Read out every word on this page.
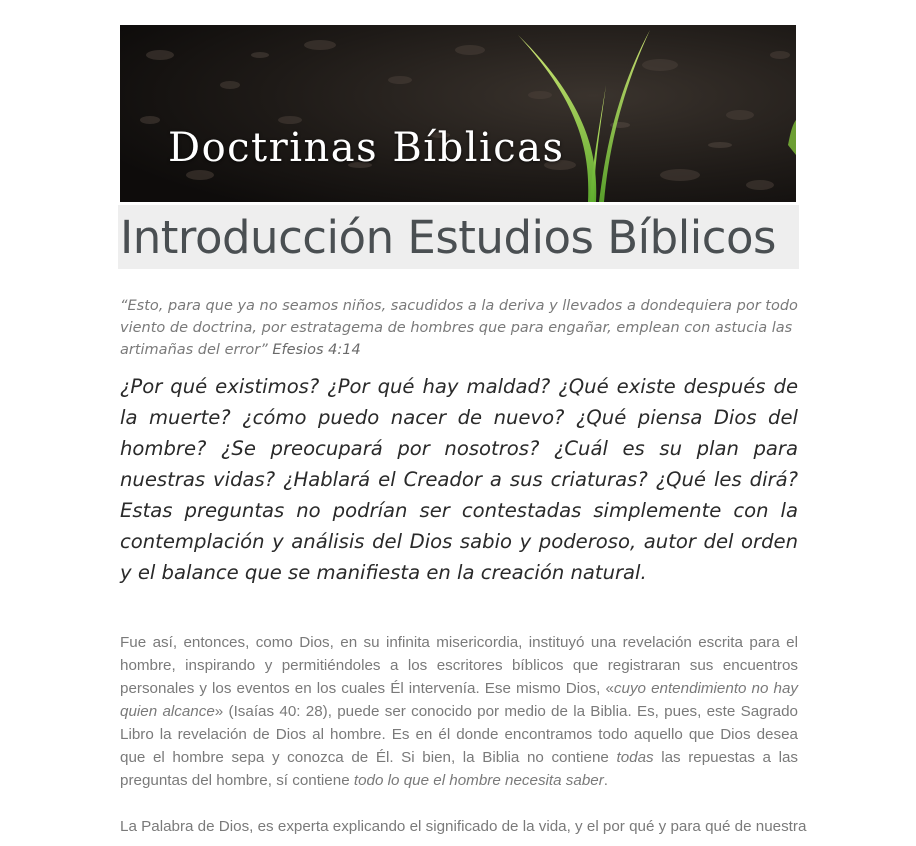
Doctrinas Bíblicas
Introducción Estudios Bíblicos

“Esto, para que ya no seamos niños, sacudidos a la deriva y llevados a dondequiera por todo viento de doctrina, por estratagema de hombres que para engañar, emplean con astucia las artimañas del error” Efesios 4:14

¿Por qué existimos? ¿Por qué hay maldad? ¿Qué existe después de la muerte? ¿cómo puedo nacer de nuevo? ¿Qué piensa Dios del hombre? ¿Se preocupará por nosotros? ¿Cuál es su plan para nuestras vidas? ¿Hablará el Creador a sus criaturas? ¿Qué les dirá? Estas preguntas no podrían ser contestadas simplemente con la contemplación y análisis del Dios sabio y poderoso, autor del orden y el balance que se manifiesta en la creación natural.

Fue así, entonces, como Dios, en su infinita misericordia, instituyó una revelación escrita para el hombre, inspirando y permitiéndoles a los escritores bíblicos que registraran sus encuentros personales y los eventos en los cuales Él intervenía. Ese mismo Dios, «cuyo entendimiento no hay quien alcance» (Isaías 40: 28), puede ser conocido por medio de la Biblia. Es, pues, este Sagrado Libro la revelación de Dios al hombre. Es en él donde encontramos todo aquello que Dios desea que el hombre sepa y conozca de Él. Si bien, la Biblia no contiene todas las repuestas a las preguntas del hombre, sí contiene todo lo que el hombre necesita saber.

La Palabra de Dios, es experta explicando el significado de la vida, y el por qué y para qué de nuestra
